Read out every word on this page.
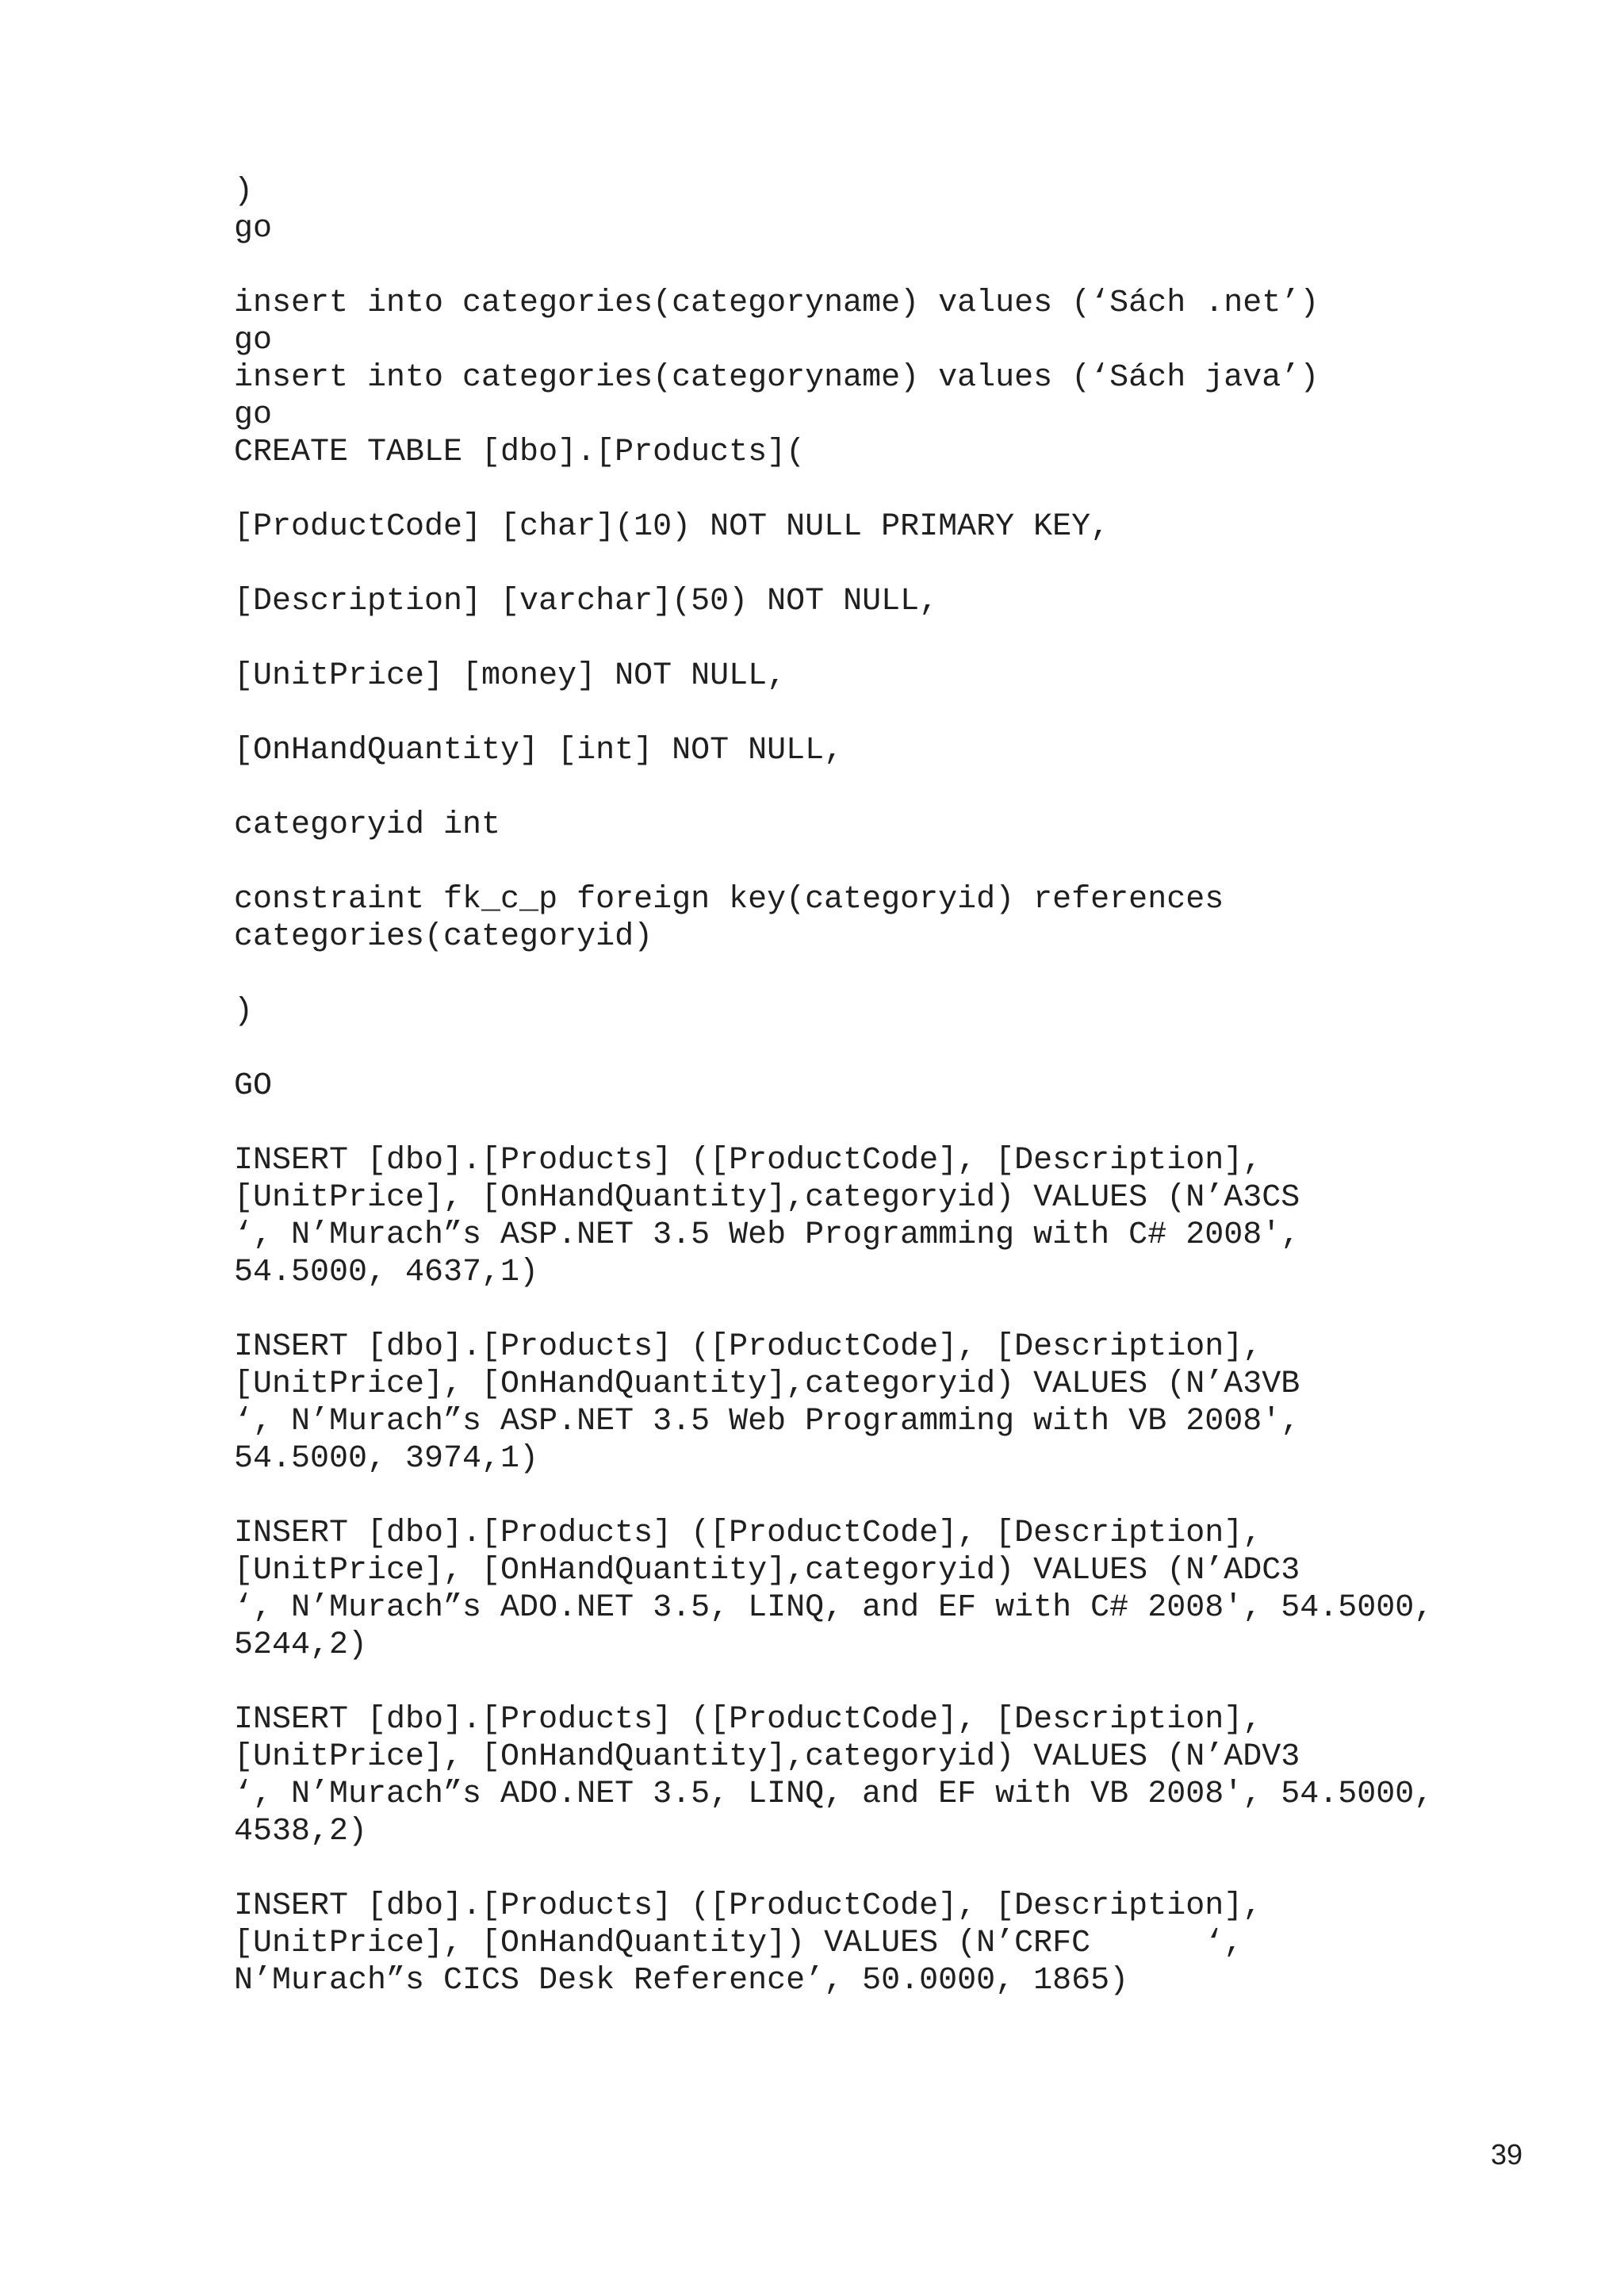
)
go
insert into categories(categoryname) values (‘Sách .net’)
go
insert into categories(categoryname) values (‘Sách java’)
go
CREATE TABLE [dbo].[Products](
[ProductCode] [char](10) NOT NULL PRIMARY KEY,
[Description] [varchar](50) NOT NULL,
[UnitPrice] [money] NOT NULL,
[OnHandQuantity] [int] NOT NULL,
categoryid int
constraint fk_c_p foreign key(categoryid) references
categories(categoryid)
)
GO
INSERT [dbo].[Products] ([ProductCode], [Description],
[UnitPrice], [OnHandQuantity],categoryid) VALUES (N’A3CS
‘, N’Murach”s ASP.NET 3.5 Web Programming with C# 2008′,
54.5000, 4637,1)
INSERT [dbo].[Products] ([ProductCode], [Description],
[UnitPrice], [OnHandQuantity],categoryid) VALUES (N’A3VB
‘, N’Murach”s ASP.NET 3.5 Web Programming with VB 2008′,
54.5000, 3974,1)
INSERT [dbo].[Products] ([ProductCode], [Description],
[UnitPrice], [OnHandQuantity],categoryid) VALUES (N’ADC3
‘, N’Murach”s ADO.NET 3.5, LINQ, and EF with C# 2008′, 54.5000,
5244,2)
INSERT [dbo].[Products] ([ProductCode], [Description],
[UnitPrice], [OnHandQuantity],categoryid) VALUES (N’ADV3
‘, N’Murach”s ADO.NET 3.5, LINQ, and EF with VB 2008′, 54.5000,
4538,2)
INSERT [dbo].[Products] ([ProductCode], [Description],
[UnitPrice], [OnHandQuantity]) VALUES (N’CRFC      ‘,
N’Murach”s CICS Desk Reference’, 50.0000, 1865)
39
